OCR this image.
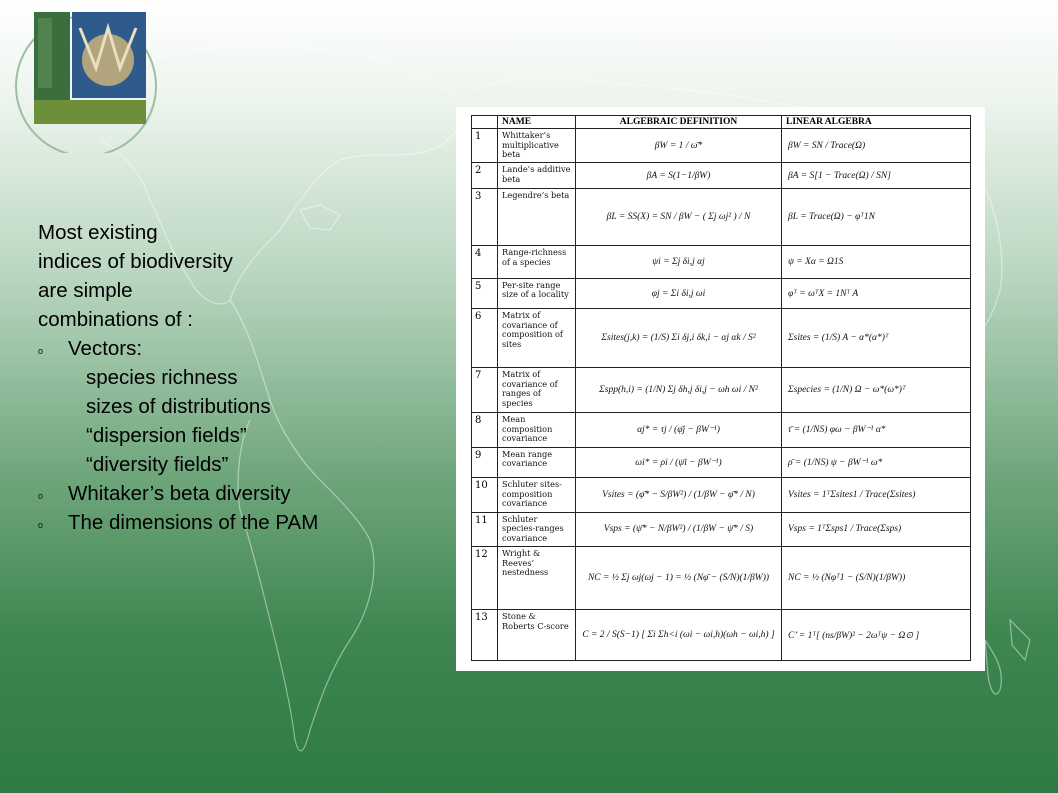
Most existing
indices of biodiversity
are simple
combinations of :
o Vectors:
species richness
sizes of distributions
“dispersion fields”
“diversity fields”
o Whitaker’s beta diversity
o The dimensions of the PAM
	NAME	ALGEBRAIC DEFINITION	LINEAR ALGEBRA
1	Whittaker’s multiplicative beta	βW = 1 / ω̄*	βW = SN / Trace(Ω)
2	Lande’s additive beta	βA = S(1−1/βW)	βA = S[1 − Trace(Ω) / SN]
3	Legendre’s beta	βL = SS(X) = SN / βW − ( Σj ωj² ) / N	βL = Trace(Ω) − φᵀ1N
4	Range-richness of a species	ψi = Σj δi,j αj	ψ = Xα = Ω1S
5	Per-site range size of a locality	φj = Σi δi,j ωi	φᵀ = ωᵀX = 1Nᵀ A
6	Matrix of covariance of composition of sites	Σsites(j,k) = (1/S) Σi δj,i δk,i − αj αk / S²	Σsites = (1/S) A − α*(α*)ᵀ
7	Matrix of covariance of ranges of species	Σspp(h,i) = (1/N) Σj δh,j δi,j − ωh ωi / N²	Σspecies = (1/N) Ω − ω*(ω*)ᵀ
8	Mean composition covariance	αj* = τj / (φ̄j − βW⁻¹)	τ̄ = (1/NS) φω − βW⁻¹ α*
9	Mean range covariance	ωi* = ρi / (ψ̄i − βW⁻¹)	ρ̄ = (1/NS) ψ − βW⁻¹ ω*
10	Schluter sites-composition covariance	Vsites = (φ̄* − S/βW²) / (1/βW − φ̄* / N)	Vsites = 1ᵀΣsites1 / Trace(Σsites)
11	Schluter species-ranges covariance	Vsps = (ψ̄* − N/βW²) / (1/βW − ψ̄* / S)	Vsps = 1ᵀΣsps1 / Trace(Σsps)
12	Wright & Reeves’ nestedness	NC = ½ Σj ωj(ωj − 1) = ½ (Nφ̄ − (S/N)(1/βW))	NC = ½ (Nφᵀ1 − (S/N)(1/βW))
13	Stone & Roberts C-score	C = 2 / S(S−1) [ Σi Σh<i (ωi − ωi,h)(ωh − ωi,h) ]	C’ = 1ᵀ[ (ns/βW)² − 2ωᵀψ − Ω⊙ ]
